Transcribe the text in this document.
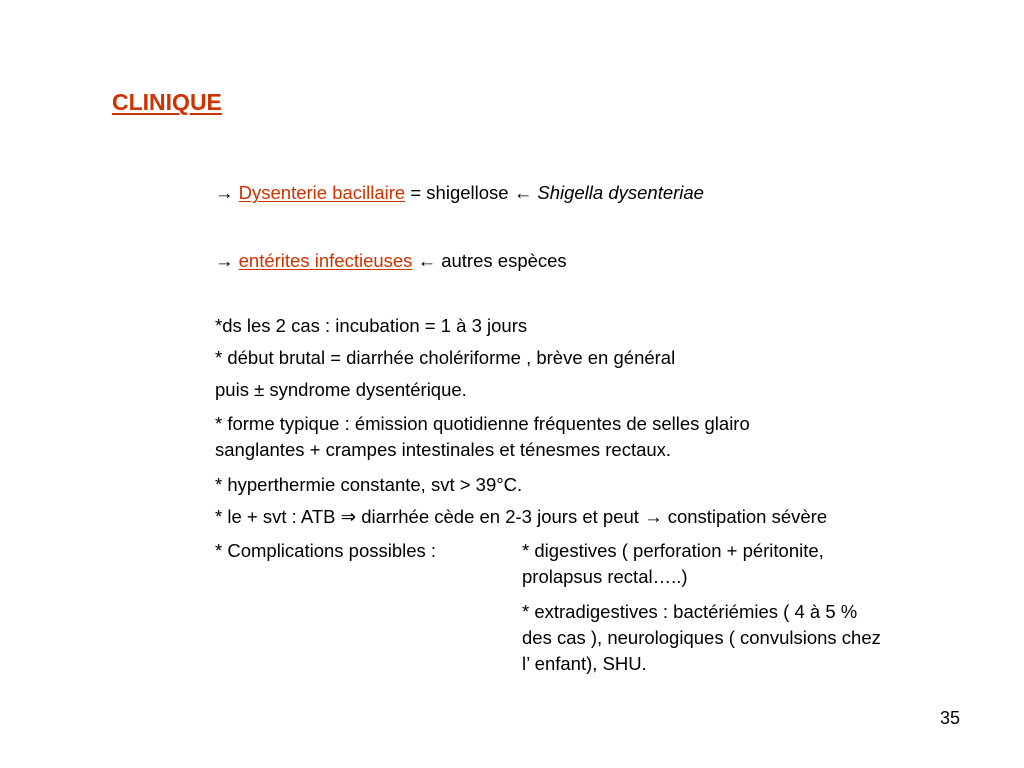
CLINIQUE
→ Dysenterie bacillaire = shigellose ← Shigella dysenteriae
→ entérites infectieuses ← autres espèces
*ds les 2 cas : incubation = 1 à 3 jours
* début brutal = diarrhée cholériforme , brève en général
puis ± syndrome dysentérique.
* forme typique : émission quotidienne fréquentes de selles glairo
sanglantes + crampes intestinales et ténesmes rectaux.
* hyperthermie constante, svt > 39°C.
* le + svt : ATB ⇒ diarrhée cède en 2-3 jours et peut → constipation sévère
* Complications possibles :	* digestives ( perforation + péritonite,
prolapsus rectal…..)
* extradigestives : bactériémies ( 4 à 5 %
des cas ), neurologiques ( convulsions chez
l’ enfant), SHU.
35
